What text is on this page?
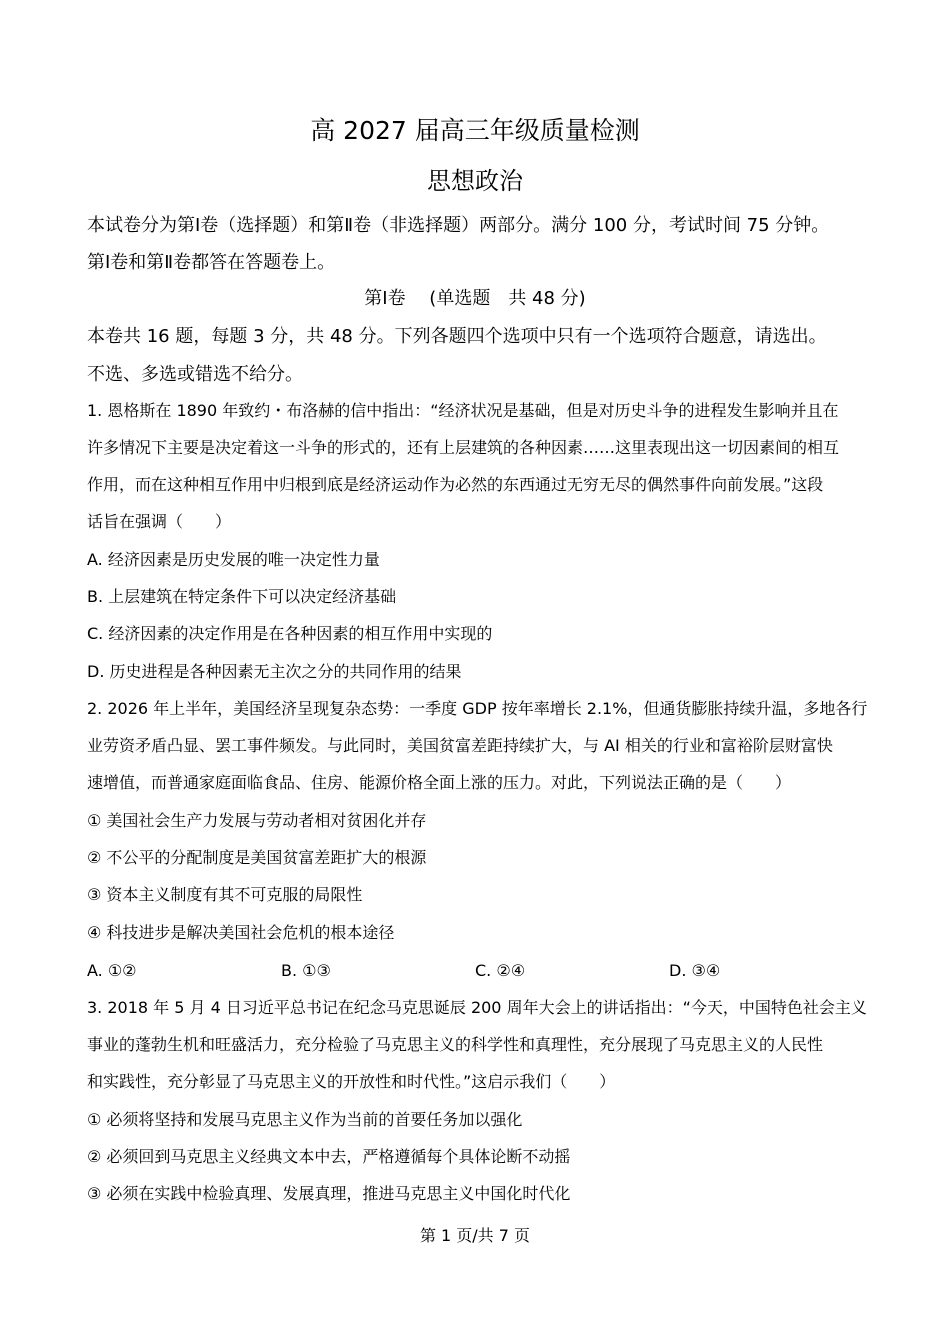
高 2027 届高三年级质量检测
思想政治
本试卷分为第Ⅰ卷（选择题）和第Ⅱ卷（非选择题）两部分。满分 100 分，考试时间 75 分钟。
第Ⅰ卷和第Ⅱ卷都答在答题卷上。
第Ⅰ卷　 (单选题　共 48 分)
本卷共 16 题，每题 3 分，共 48 分。下列各题四个选项中只有一个选项符合题意，请选出。
不选、多选或错选不给分。
1. 恩格斯在 1890 年致约・布洛赫的信中指出：“经济状况是基础，但是对历史斗争的进程发生影响并且在
许多情况下主要是决定着这一斗争的形式的，还有上层建筑的各种因素……这里表现出这一切因素间的相互
作用，而在这种相互作用中归根到底是经济运动作为必然的东西通过无穷无尽的偶然事件向前发展。”这段
话旨在强调（　　）
A. 经济因素是历史发展的唯一决定性力量
B. 上层建筑在特定条件下可以决定经济基础
C. 经济因素的决定作用是在各种因素的相互作用中实现的
D. 历史进程是各种因素无主次之分的共同作用的结果
2. 2026 年上半年，美国经济呈现复杂态势：一季度 GDP 按年率增长 2.1%，但通货膨胀持续升温，多地各行
业劳资矛盾凸显、罢工事件频发。与此同时，美国贫富差距持续扩大，与 AI 相关的行业和富裕阶层财富快
速增值，而普通家庭面临食品、住房、能源价格全面上涨的压力。对此，下列说法正确的是（　　）
① 美国社会生产力发展与劳动者相对贫困化并存
② 不公平的分配制度是美国贫富差距扩大的根源
③ 资本主义制度有其不可克服的局限性
④ 科技进步是解决美国社会危机的根本途径
A. ①②	B. ①③	C. ②④	D. ③④
3. 2018 年 5 月 4 日习近平总书记在纪念马克思诞辰 200 周年大会上的讲话指出：“今天，中国特色社会主义
事业的蓬勃生机和旺盛活力，充分检验了马克思主义的科学性和真理性，充分展现了马克思主义的人民性
和实践性，充分彰显了马克思主义的开放性和时代性。”这启示我们（　　）
① 必须将坚持和发展马克思主义作为当前的首要任务加以强化
② 必须回到马克思主义经典文本中去，严格遵循每个具体论断不动摇
③ 必须在实践中检验真理、发展真理，推进马克思主义中国化时代化
第 1 页/共 7 页
